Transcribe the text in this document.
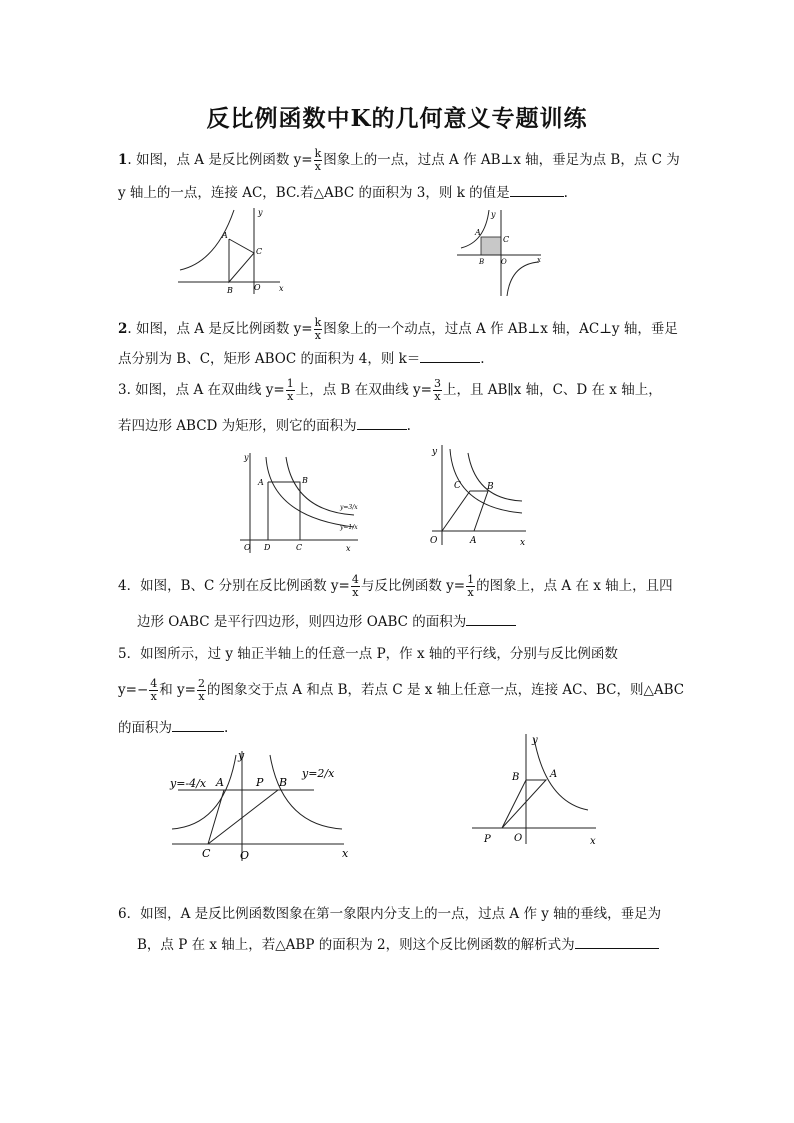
反比例函数中K的几何意义专题训练
1. 如图，点 A 是反比例函数 $y= \frac{k}{x}$ 图象上的一点，过点 A 作 AB⊥x 轴，垂足为点 B，点 C 为
y 轴上的一点，连接 AC，BC.若△ABC 的面积为 3，则 k 的值是	.
y
A
C
B	O x
y
A
C
B O	x
2. 如图，点 A 是反比例函数 $y= \frac{k}{x}$ 图象上的一个动点，过点 A 作 AB⊥x 轴，AC⊥y 轴，垂足
点分别为 B、C，矩形 ABOC 的面积为 4，则 k＝	.
3. 如图，点 A 在双曲线 $y= \frac{1}{x}$ 上，点 B 在双曲线 $y= \frac{3}{x}$ 上，且 AB∥x 轴，C、D 在 x 轴上，
若四边形 ABCD 为矩形，则它的面积为	.
y
A	B
y=3/x
y=1/x
O D	C	x
y
C	B
O	A	x
4．如图，B、C 分别在反比例函数 $y= \frac{4}{x}$ 与反比例函数 $y= \frac{1}{x}$ 的图象上，点 A 在 x 轴上，且四
边形 OABC 是平行四边形，则四边形 OABC 的面积为
5．如图所示，过 y 轴正半轴上的任意一点 P，作 x 轴的平行线，分别与反比例函数
$y=- \frac{4}{x}$ 和 $y= \frac{2}{x}$ 的图象交于点 A 和点 B，若点 C 是 x 轴上任意一点，连接 AC、BC，则△ABC
的面积为	.
y
y=-4/x A	P B
y=2/x
C	O	x
y
B	A
P O	x
6．如图，A 是反比例函数图象在第一象限内分支上的一点，过点 A 作 y 轴的垂线，垂足为
B，点 P 在 x 轴上，若△ABP 的面积为 2，则这个反比例函数的解析式为
